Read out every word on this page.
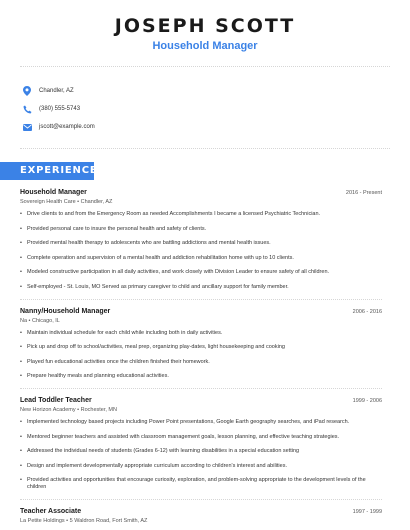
JOSEPH SCOTT
Household Manager
Chandler, AZ
(380) 555-5743
jscott@example.com
EXPERIENCE
Household Manager	2016 - Present
Sovereign Health Care • Chandler, AZ
• Drive clients to and from the Emergency Room as needed Accomplishments I became a licensed Psychiatric Technician.
• Provided personal care to insure the personal health and safety of clients.
• Provided mental health therapy to adolescents who are battling addictions and mental health issues.
• Complete operation and supervision of a mental health and addiction rehabilitation home with up to 10 clients.
• Modeled constructive participation in all daily activities, and work closely with Division Leader to ensure safety of all children.
• Self-employed - St. Louis, MO Served as primary caregiver to child and ancillary support for family member.
Nanny/Household Manager	2006 - 2016
Na • Chicago, IL
• Maintain individual schedule for each child while including both in daily activities.
• Pick up and drop off to school/activities, meal prep, organizing play-dates, light housekeeping and cooking
• Played fun educational activities once the children finished their homework.
• Prepare healthy meals and planning educational activities.
Lead Toddler Teacher	1999 - 2006
New Horizon Academy • Rochester, MN
• Implemented technology based projects including Power Point presentations, Google Earth geography searches, and iPad research.
• Mentored beginner teachers and assisted with classroom management goals, lesson planning, and effective teaching strategies.
• Addressed the individual needs of students (Grades 6-12) with learning disabilities in a special education setting
• Design and implement developmentally appropriate curriculum according to children's interest and abilities.
• Provided activities and opportunities that encourage curiosity, exploration, and problem-solving appropriate to the development levels of the children
Teacher Associate	1997 - 1999
La Petite Holdings • 5 Waldron Road, Fort Smith, AZ
